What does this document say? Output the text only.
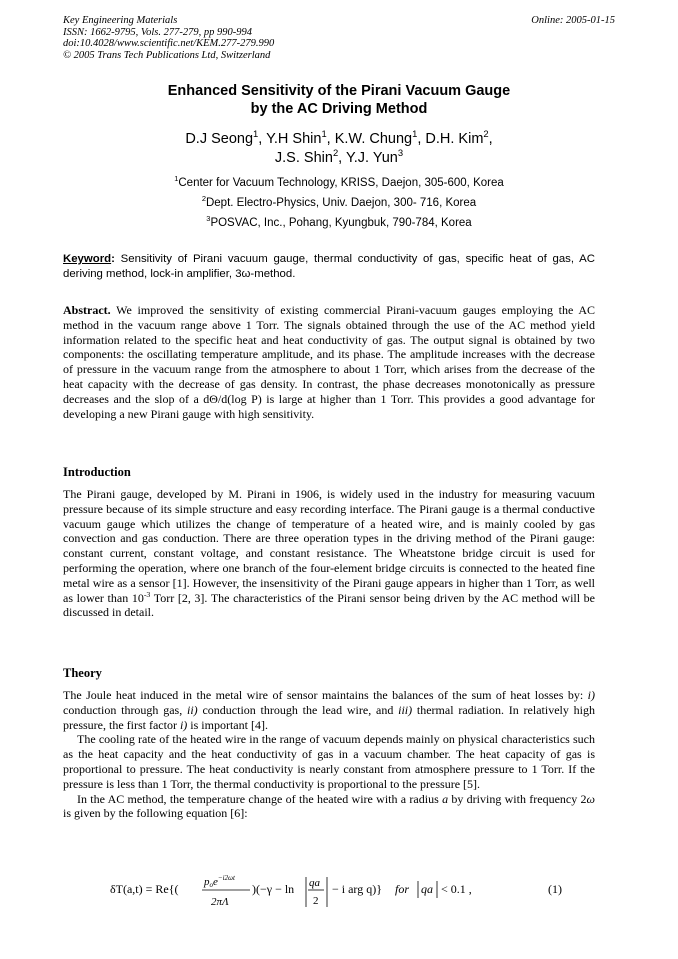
Key Engineering Materials
ISSN: 1662-9795, Vols. 277-279, pp 990-994
doi:10.4028/www.scientific.net/KEM.277-279.990
© 2005 Trans Tech Publications Ltd, Switzerland
Online: 2005-01-15
Enhanced Sensitivity of the Pirani Vacuum Gauge
by the AC Driving Method
D.J Seong$^1$, Y.H Shin$^1$, K.W. Chung$^1$, D.H. Kim$^2$,
J.S. Shin$^2$, Y.J. Yun$^3$
$^1$Center for Vacuum Technology, KRISS, Daejon, 305-600, Korea
$^2$Dept. Electro-Physics, Univ. Daejon, 300- 716, Korea
$^3$POSVAC, Inc., Pohang, Kyungbuk, 790-784, Korea
Keyword: Sensitivity of Pirani vacuum gauge, thermal conductivity of gas, specific heat of gas, AC deriving method, lock-in amplifier, 3ω-method.
Abstract. We improved the sensitivity of existing commercial Pirani-vacuum gauges employing the AC method in the vacuum range above 1 Torr. The signals obtained through the use of the AC method yield information related to the specific heat and heat conductivity of gas. The output signal is obtained by two components: the oscillating temperature amplitude, and its phase. The amplitude increases with the decrease of pressure in the vacuum range from the atmosphere to about 1 Torr, which arises from the decrease of the heat capacity with the decrease of gas density. In contrast, the phase decreases monotonically as pressure decreases and the slop of a dΘ/d(log P) is large at higher than 1 Torr. This provides a good advantage for developing a new Pirani gauge with high sensitivity.
Introduction
The Pirani gauge, developed by M. Pirani in 1906, is widely used in the industry for measuring vacuum pressure because of its simple structure and easy recording interface. The Pirani gauge is a thermal conductive vacuum gauge which utilizes the change of temperature of a heated wire, and is mainly cooled by gas convection and gas conduction. There are three operation types in the driving method of the Pirani gauge: constant current, constant voltage, and constant resistance. The Wheatstone bridge circuit is used for performing the operation, where one branch of the four-element bridge circuits is connected to the heated fine metal wire as a sensor [1]. However, the insensitivity of the Pirani gauge appears in higher than 1 Torr, as well as lower than $10^{-3}$ Torr [2, 3]. The characteristics of the Pirani sensor being driven by the AC method will be discussed in detail.
Theory
The Joule heat induced in the metal wire of sensor maintains the balances of the sum of heat losses by: i) conduction through gas, ii) conduction through the lead wire, and iii) thermal radiation. In relatively high pressure, the first factor i) is important [4].
The cooling rate of the heated wire in the range of vacuum depends mainly on physical characteristics such as the heat capacity and the heat conductivity of gas in a vacuum chamber. The heat capacity of gas is proportional to pressure. The heat conductivity is nearly constant from atmosphere pressure to 1 Torr. If the pressure is less than 1 Torr, the thermal conductivity is proportional to the pressure [5].
In the AC method, the temperature change of the heated wire with a radius a by driving with frequency 2ω is given by the following equation [6]:
δT(a,t) = Re{( poe$^{-i2\omega t}$
2πΛ
)(−γ − ln qa
2
− i arg q)} for qa < 0.1 ,	(1)
